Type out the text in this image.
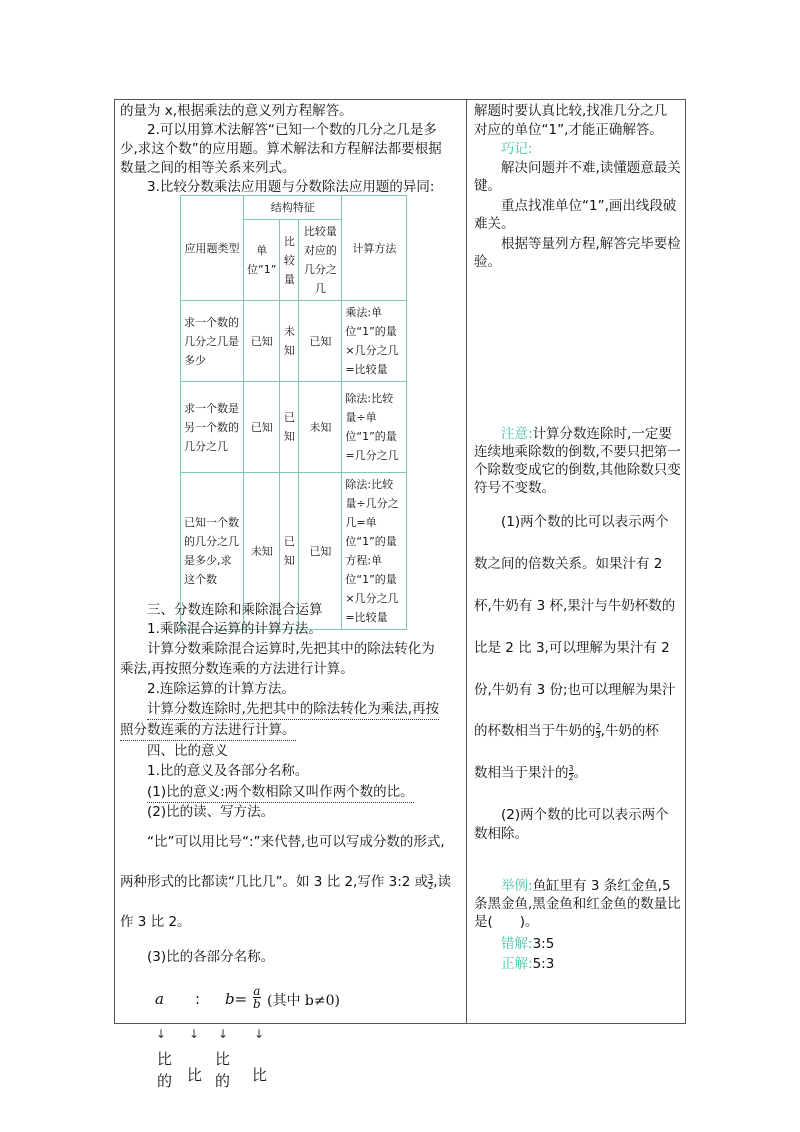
的量为 x,根据乘法的意义列方程解答。
2.可以用算术法解答“已知一个数的几分之几是多
少,求这个数”的应用题。算术解法和方程解法都要根据
数量之间的相等关系来列式。
3.比较分数乘法应用题与分数除法应用题的异同:
应用题类型	结构特征			计算方法
	单位“1”	比较量	比较量对应的几分之几	
求一个数的几分之几是多少	已知	未知	已知	乘法:单位“1”的量×几分之几=比较量
求一个数是另一个数的几分之几	已知	已知	未知	除法:比较量÷单位“1”的量=几分之几
已知一个数的几分之几是多少,求这个数	未知	已知	已知	除法:比较量÷几分之几=单位“1”的量方程:单位“1”的量×几分之几=比较量
三、分数连除和乘除混合运算
1.乘除混合运算的计算方法。
计算分数乘除混合运算时,先把其中的除法转化为
乘法,再按照分数连乘的方法进行计算。
2.连除运算的计算方法。
计算分数连除时,先把其中的除法转化为乘法,再按
照分数连乘的方法进行计算。
四、比的意义
1.比的意义及各部分名称。
(1)比的意义:两个数相除又叫作两个数的比。
(2)比的读、写方法。
“比”可以用比号“:”来代替,也可以写成分数的形式,
两种形式的比都读“几比几”。如 3 比 2,写作 3:2 或 $\frac{3}{2}$ ,读
作 3 比 2。
(3)比的各部分名称。
a : $b= \frac{a}{b}$ (其中 b≠0)
↓ ↓ ↓ ↓
比的 比
比的 比
解题时要认真比较,找准几分之几
对应的单位“1”,才能正确解答。
巧记:
解决问题并不难,读懂题意最关键。
重点找准单位“1”,画出线段破难关。
根据等量列方程,解答完毕要检验。
注意:计算分数连除时,一定要连续地乘除数的倒数,不要只把第一个除数变成它的倒数,其他除数只变符号不变数。
(1)两个数的比可以表示两个
数之间的倍数关系。如果汁有 2
杯,牛奶有 3 杯,果汁与牛奶杯数的
比是 2 比 3,可以理解为果汁有 2
份,牛奶有 3 份;也可以理解为果汁
的杯数相当于牛奶的 $\frac{2}{3}$ ,牛奶的杯
数相当于果汁的 $\frac{3}{2}$ 。
(2)两个数的比可以表示两个
数相除。
举例:鱼缸里有 3 条红金鱼,5 条黑金鱼,黑金鱼和红金鱼的数量比是(　　)。
错解:3:5
正解:5:3
